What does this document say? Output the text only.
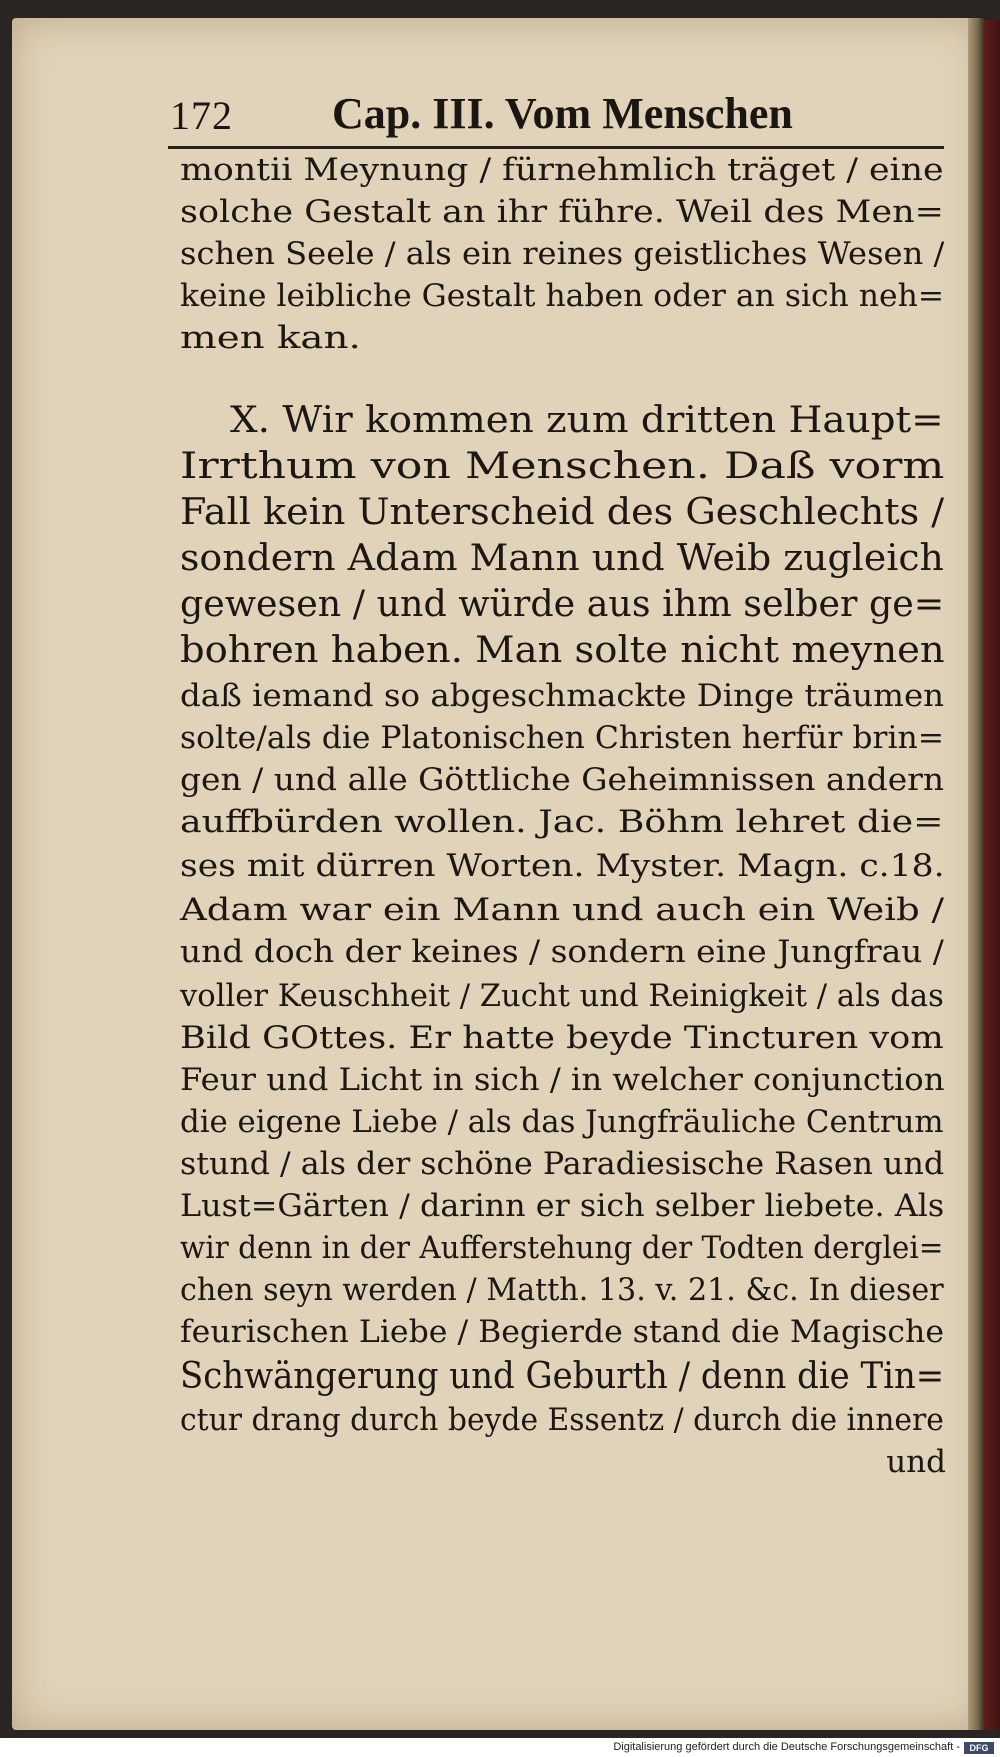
172 Cap. III. Vom Menschen
montii Meynung / fürnehmlich träget / eine
solche Gestalt an ihr führe. Weil des Men=
schen Seele / als ein reines geistliches Wesen /
keine leibliche Gestalt haben oder an sich neh=
men kan.
X. Wir kommen zum dritten Haupt=
Irrthum von Menschen. Daß vorm
Fall kein Unterscheid des Geschlechts /
sondern Adam Mann und Weib zugleich
gewesen / und würde aus ihm selber ge=
bohren haben. Man solte nicht meynen
daß iemand so abgeschmackte Dinge träumen
solte/als die Platonischen Christen herfür brin=
gen / und alle Göttliche Geheimnissen andern
auffbürden wollen. Jac. Böhm lehret die=
ses mit dürren Worten. Myster. Magn. c.18.
Adam war ein Mann und auch ein Weib /
und doch der keines / sondern eine Jungfrau /
voller Keuschheit / Zucht und Reinigkeit / als das
Bild GOttes. Er hatte beyde Tincturen vom
Feur und Licht in sich / in welcher conjunction
die eigene Liebe / als das Jungfräuliche Centrum
stund / als der schöne Paradiesische Rasen und
Lust=Gärten / darinn er sich selber liebete. Als
wir denn in der Aufferstehung der Todten derglei=
chen seyn werden / Matth. 13. v. 21. &c. In dieser
feurischen Liebe / Begierde stand die Magische
Schwängerung und Geburth / denn die Tin=
ctur drang durch beyde Essentz / durch die innere
und
Digitalisierung gefördert durch die Deutsche Forschungsgemeinschaft -	DFG
